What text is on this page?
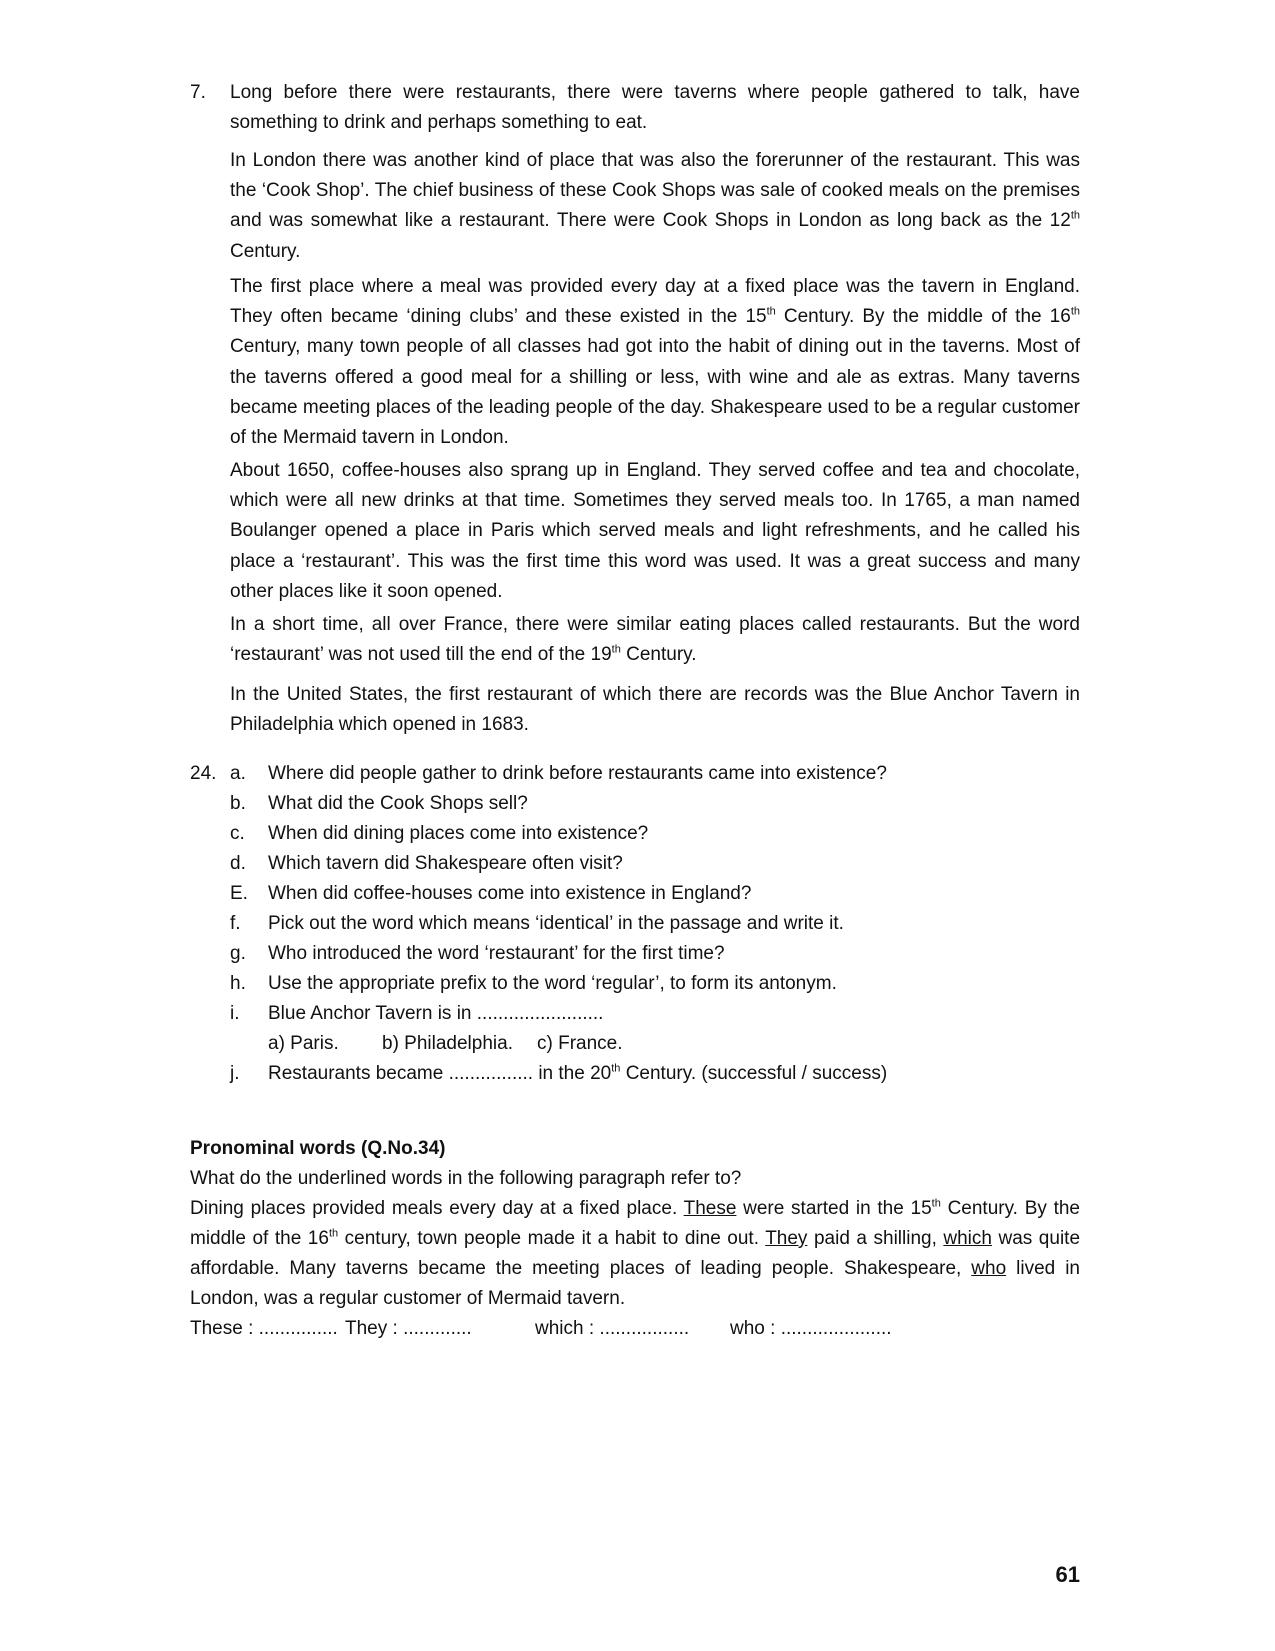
7. Long before there were restaurants, there were taverns where people gathered to talk, have something to drink and perhaps something to eat.

In London there was another kind of place that was also the forerunner of the restaurant. This was the ‘Cook Shop’. The chief business of these Cook Shops was sale of cooked meals on the premises and was somewhat like a restaurant. There were Cook Shops in London as long back as the 12th Century.

The first place where a meal was provided every day at a fixed place was the tavern in England. They often became ‘dining clubs’ and these existed in the 15th Century. By the middle of the 16th Century, many town people of all classes had got into the habit of dining out in the taverns. Most of the taverns offered a good meal for a shilling or less, with wine and ale as extras. Many taverns became meeting places of the leading people of the day. Shakespeare used to be a regular customer of the Mermaid tavern in London.

About 1650, coffee-houses also sprang up in England. They served coffee and tea and chocolate, which were all new drinks at that time. Sometimes they served meals too. In 1765, a man named Boulanger opened a place in Paris which served meals and light refreshments, and he called his place a ‘restaurant’. This was the first time this word was used. It was a great success and many other places like it soon opened.

In a short time, all over France, there were similar eating places called restaurants. But the word ‘restaurant’ was not used till the end of the 19th Century.

In the United States, the first restaurant of which there are records was the Blue Anchor Tavern in Philadelphia which opened in 1683.

24. a. Where did people gather to drink before restaurants came into existence?
b. What did the Cook Shops sell?
c. When did dining places come into existence?
d. Which tavern did Shakespeare often visit?
E. When did coffee-houses come into existence in England?
f. Pick out the word which means ‘identical’ in the passage and write it.
g. Who introduced the word ‘restaurant’ for the first time?
h. Use the appropriate prefix to the word ‘regular’, to form its antonym.
i. Blue Anchor Tavern is in ........................
a) Paris. b) Philadelphia. c) France.
j. Restaurants became ................ in the 20th Century. (successful / success)
Pronominal words (Q.No.34)
What do the underlined words in the following paragraph refer to?

Dining places provided meals every day at a fixed place. These were started in the 15th Century. By the middle of the 16th century, town people made it a habit to dine out. They paid a shilling, which was quite affordable. Many taverns became the meeting places of leading people. Shakespeare, who lived in London, was a regular customer of Mermaid tavern.

These : ............... They : .............	which : ................. who : .....................
61
